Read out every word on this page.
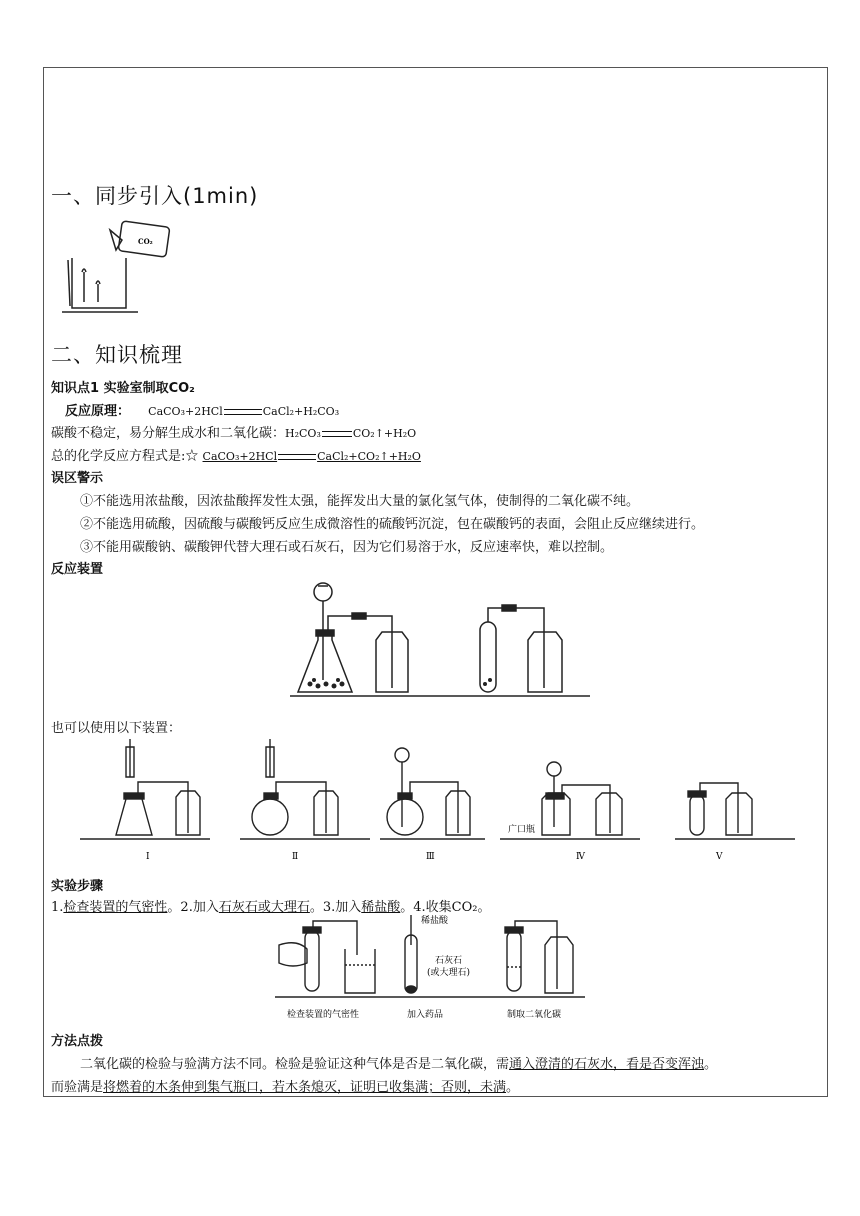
一、同步引入(1min)
CO₂
二、知识梳理
知识点1 实验室制取CO₂
反应原理： CaCO₃+2HCl	CaCl₂+H₂CO₃
碳酸不稳定，易分解生成水和二氧化碳：H₂CO₃	CO₂↑+H₂O
总的化学反应方程式是:☆ CaCO₃+2HCl	CaCl₂+CO₂↑+H₂O
误区警示
①不能选用浓盐酸，因浓盐酸挥发性太强，能挥发出大量的氯化氢气体，使制得的二氧化碳不纯。
②不能选用硫酸，因硫酸与碳酸钙反应生成微溶性的硫酸钙沉淀，包在碳酸钙的表面，会阻止反应继续进行。
③不能用碳酸钠、碳酸钾代替大理石或石灰石，因为它们易溶于水，反应速率快，难以控制。
反应装置
也可以使用以下装置：
Ⅰ	Ⅱ	Ⅲ	Ⅳ	Ⅴ
广口瓶
实验步骤
1.检查装置的气密性。2.加入石灰石或大理石。3.加入稀盐酸。4.收集CO₂。
稀盐酸
石灰石
(或大理石)
检查装置的气密性	加入药品	制取二氧化碳
方法点拨
二氧化碳的检验与验满方法不同。检验是验证这种气体是否是二氧化碳，需通入澄清的石灰水，看是否变浑浊。
而验满是将燃着的木条伸到集气瓶口，若木条熄灭，证明已收集满；否则，未满。
